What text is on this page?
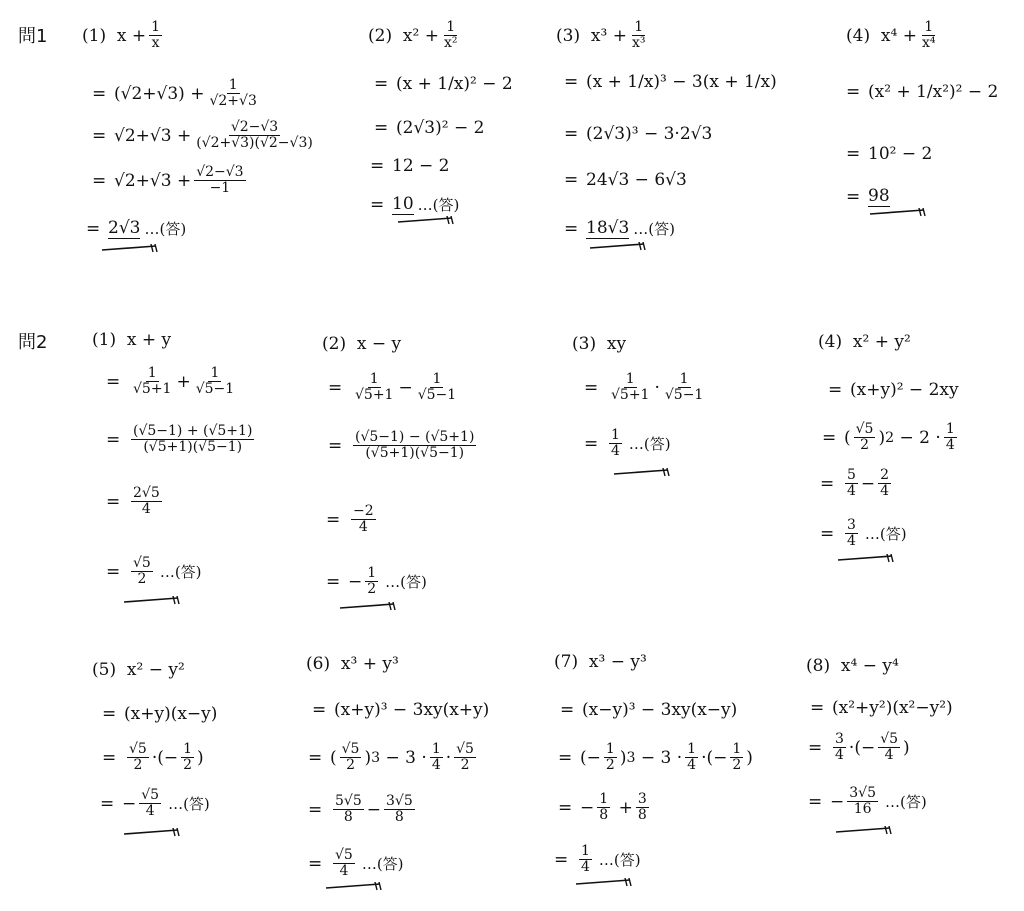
問1 (1)
$x + \frac{1}{x}$
= $(√2+√3) + \frac{1}{√2+√3}$
= $√2+√3 + \frac{√2-√3}{(√2+√3)(√2-√3)}$
= $√2+√3 + \frac{√2-√3}{-1}$
= 2√3 …(答)
(2)
$x^2 + \frac{1}{\text{x²}}$
= (x + 1/x)² − 2
= (2√3)² − 2
= 12 − 2
= 10 …(答)
(3)
$x^3 + \frac{1}{\text{x³}}$
= (x + 1/x)³ − 3(x + 1/x)
= (2√3)³ − 3·2√3
= 24√3 − 6√3
= 18√3 …(答)
(4)
$x^4 + \frac{1}{\text{x⁴}}$
= (x² + 1/x²)² − 2
= 10² − 2
= 98
問2	(1)
x + y
= $\frac{1}{√5+1} + 1$
√5−1
= $\frac{(√5-1) + (√5+1)}{(√5+1)(√5-1)}$
= $\frac{2√5}{4}$
= $\frac{√5}{2}$ …(答)
(2)
x − y
= $\frac{1}{√5+1} - 1$
√5−1
= $\frac{(√5-1) - (√5+1)}{(√5+1)(√5-1)}$
= $\frac{-2}{4}$
= − $\frac{1}{2}$ …(答)
(3)
xy
= $\frac{1}{√5+1} \cdot 1$
√5−1
= $\frac{1}{4}$ …(答)
(4)
x² + y²
= (x+y)² − 2xy
= ( $\frac{√5}{2}$ ) 2
− 2 · 1
4
= $\frac{5}{4} - 2$
4
= $\frac{3}{4}$ …(答)
(5)
x² − y²
= (x+y)(x−y)
= $\frac{√5}{2}$ ·(− 1
2 )
= − $\frac{√5}{4}$ …(答)
(6)
x³ + y³
= (x+y)³ − 3xy(x+y)
= ( $\frac{√5}{2}$ ) 3
− 3 · 1
4 · √5
2
= $\frac{5√5}{8} - 3√5$
8
= $\frac{√5}{4}$ …(答)
(7)
x³ − y³
= (x−y)³ − 3xy(x−y)
= (− $\frac{1}{2}$ ) 3
− 3 · 1
4 ·(− 1
2 )
= − $\frac{1}{8} + 3$
8
= $\frac{1}{4}$ …(答)
(8)
x⁴ − y⁴
= (x²+y²)(x²−y²)
= $\frac{3}{4}$ ·(− √5
4 )
= − $\frac{3√5}{16}$ …(答)
